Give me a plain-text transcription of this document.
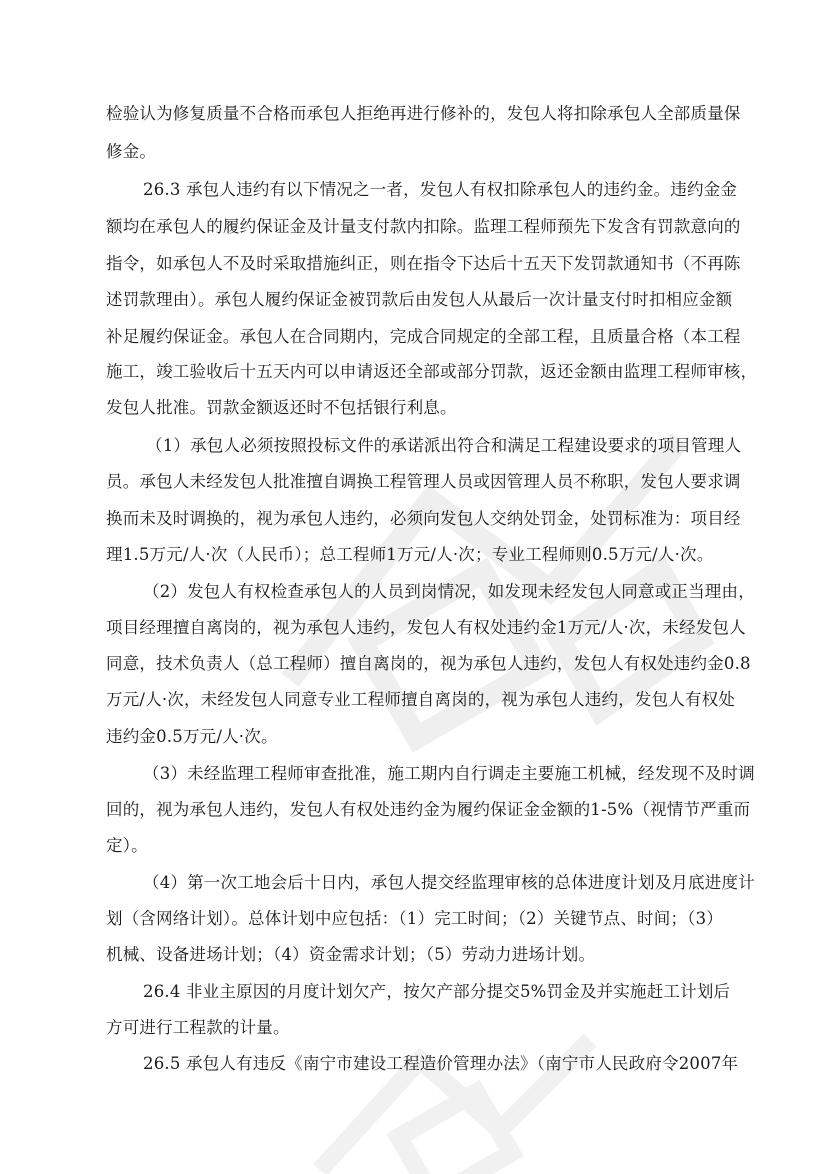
检验认为修复质量不合格而承包人拒绝再进行修补的，发包人将扣除承包人全部质量保
修金。
26.3 承包人违约有以下情况之一者，发包人有权扣除承包人的违约金。违约金金
额均在承包人的履约保证金及计量支付款内扣除。监理工程师预先下发含有罚款意向的
指令，如承包人不及时采取措施纠正，则在指令下达后十五天下发罚款通知书（不再陈
述罚款理由）。承包人履约保证金被罚款后由发包人从最后一次计量支付时扣相应金额
补足履约保证金。承包人在合同期内，完成合同规定的全部工程，且质量合格（本工程
施工，竣工验收后十五天内可以申请返还全部或部分罚款，返还金额由监理工程师审核，
发包人批准。罚款金额返还时不包括银行利息。
（1）承包人必须按照投标文件的承诺派出符合和满足工程建设要求的项目管理人
员。承包人未经发包人批准擅自调换工程管理人员或因管理人员不称职，发包人要求调
换而未及时调换的，视为承包人违约，必须向发包人交纳处罚金，处罚标准为：项目经
理1.5万元/人·次（人民币）；总工程师1万元/人·次；专业工程师则0.5万元/人·次。
（2）发包人有权检查承包人的人员到岗情况，如发现未经发包人同意或正当理由，
项目经理擅自离岗的，视为承包人违约，发包人有权处违约金1万元/人·次，未经发包人
同意，技术负责人（总工程师）擅自离岗的，视为承包人违约，发包人有权处违约金0.8
万元/人·次，未经发包人同意专业工程师擅自离岗的，视为承包人违约，发包人有权处
违约金0.5万元/人·次。
（3）未经监理工程师审查批准，施工期内自行调走主要施工机械，经发现不及时调
回的，视为承包人违约，发包人有权处违约金为履约保证金金额的1-5%（视情节严重而
定）。
（4）第一次工地会后十日内，承包人提交经监理审核的总体进度计划及月底进度计
划（含网络计划）。总体计划中应包括：（1）完工时间；（2）关键节点、时间；（3）
机械、设备进场计划；（4）资金需求计划；（5）劳动力进场计划。
26.4 非业主原因的月度计划欠产，按欠产部分提交5%罚金及并实施赶工计划后
方可进行工程款的计量。
26.5 承包人有违反《南宁市建设工程造价管理办法》（南宁市人民政府令2007年
